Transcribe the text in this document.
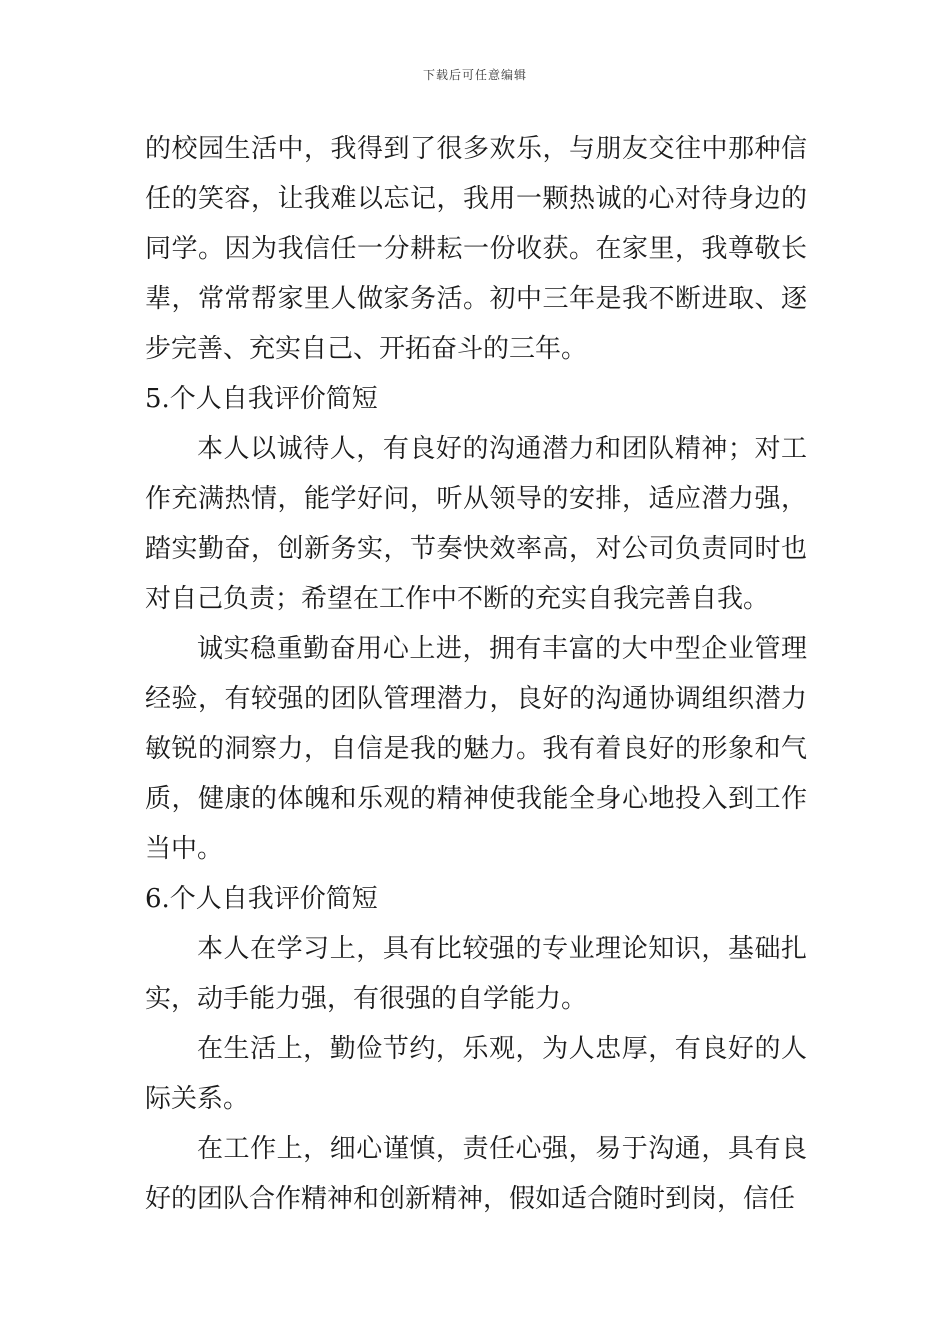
下载后可任意编辑

的校园生活中，我得到了很多欢乐，与朋友交往中那种信任的笑容，让我难以忘记，我用一颗热诚的心对待身边的同学。因为我信任一分耕耘一份收获。在家里，我尊敬长辈，常常帮家里人做家务活。初中三年是我不断进取、逐步完善、充实自己、开拓奋斗的三年。

5.个人自我评价简短

本人以诚待人，有良好的沟通潜力和团队精神；对工作充满热情，能学好问，听从领导的安排，适应潜力强，踏实勤奋，创新务实，节奏快效率高，对公司负责同时也对自己负责；希望在工作中不断的充实自我完善自我。

诚实稳重勤奋用心上进，拥有丰富的大中型企业管理经验，有较强的团队管理潜力，良好的沟通协调组织潜力敏锐的洞察力，自信是我的魅力。我有着良好的形象和气质，健康的体魄和乐观的精神使我能全身心地投入到工作当中。

6.个人自我评价简短

本人在学习上，具有比较强的专业理论知识，基础扎实，动手能力强，有很强的自学能力。

在生活上，勤俭节约，乐观，为人忠厚，有良好的人际关系。

在工作上，细心谨慎，责任心强，易于沟通，具有良好的团队合作精神和创新精神，假如适合随时到岗，信任
